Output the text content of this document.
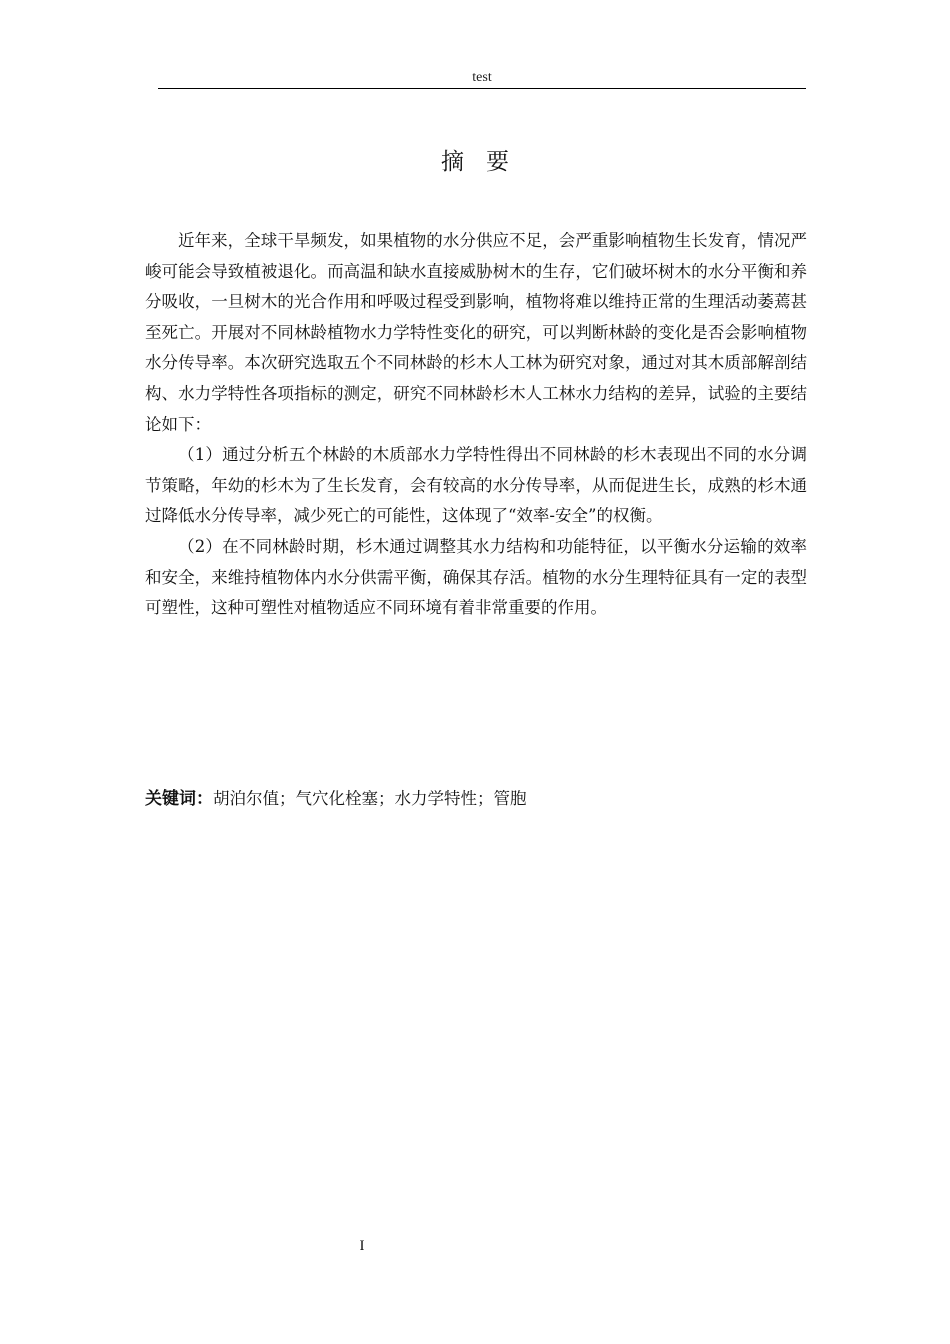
test
摘要

近年来，全球干旱频发，如果植物的水分供应不足，会严重影响植物生长发育，情况严峻可能会导致植被退化。而高温和缺水直接威胁树木的生存，它们破坏树木的水分平衡和养分吸收，一旦树木的光合作用和呼吸过程受到影响，植物将难以维持正常的生理活动萎蔫甚至死亡。开展对不同林龄植物水力学特性变化的研究，可以判断林龄的变化是否会影响植物水分传导率。本次研究选取五个不同林龄的杉木人工林为研究对象，通过对其木质部解剖结构、水力学特性各项指标的测定，研究不同林龄杉木人工林水力结构的差异，试验的主要结论如下：

（1）通过分析五个林龄的木质部水力学特性得出不同林龄的杉木表现出不同的水分调节策略，年幼的杉木为了生长发育，会有较高的水分传导率，从而促进生长，成熟的杉木通过降低水分传导率，减少死亡的可能性，这体现了“效率-安全”的权衡。

（2）在不同林龄时期，杉木通过调整其水力结构和功能特征，以平衡水分运输的效率和安全，来维持植物体内水分供需平衡，确保其存活。植物的水分生理特征具有一定的表型可塑性，这种可塑性对植物适应不同环境有着非常重要的作用。

关键词：胡泊尔值；气穴化栓塞；水力学特性；管胞
I
